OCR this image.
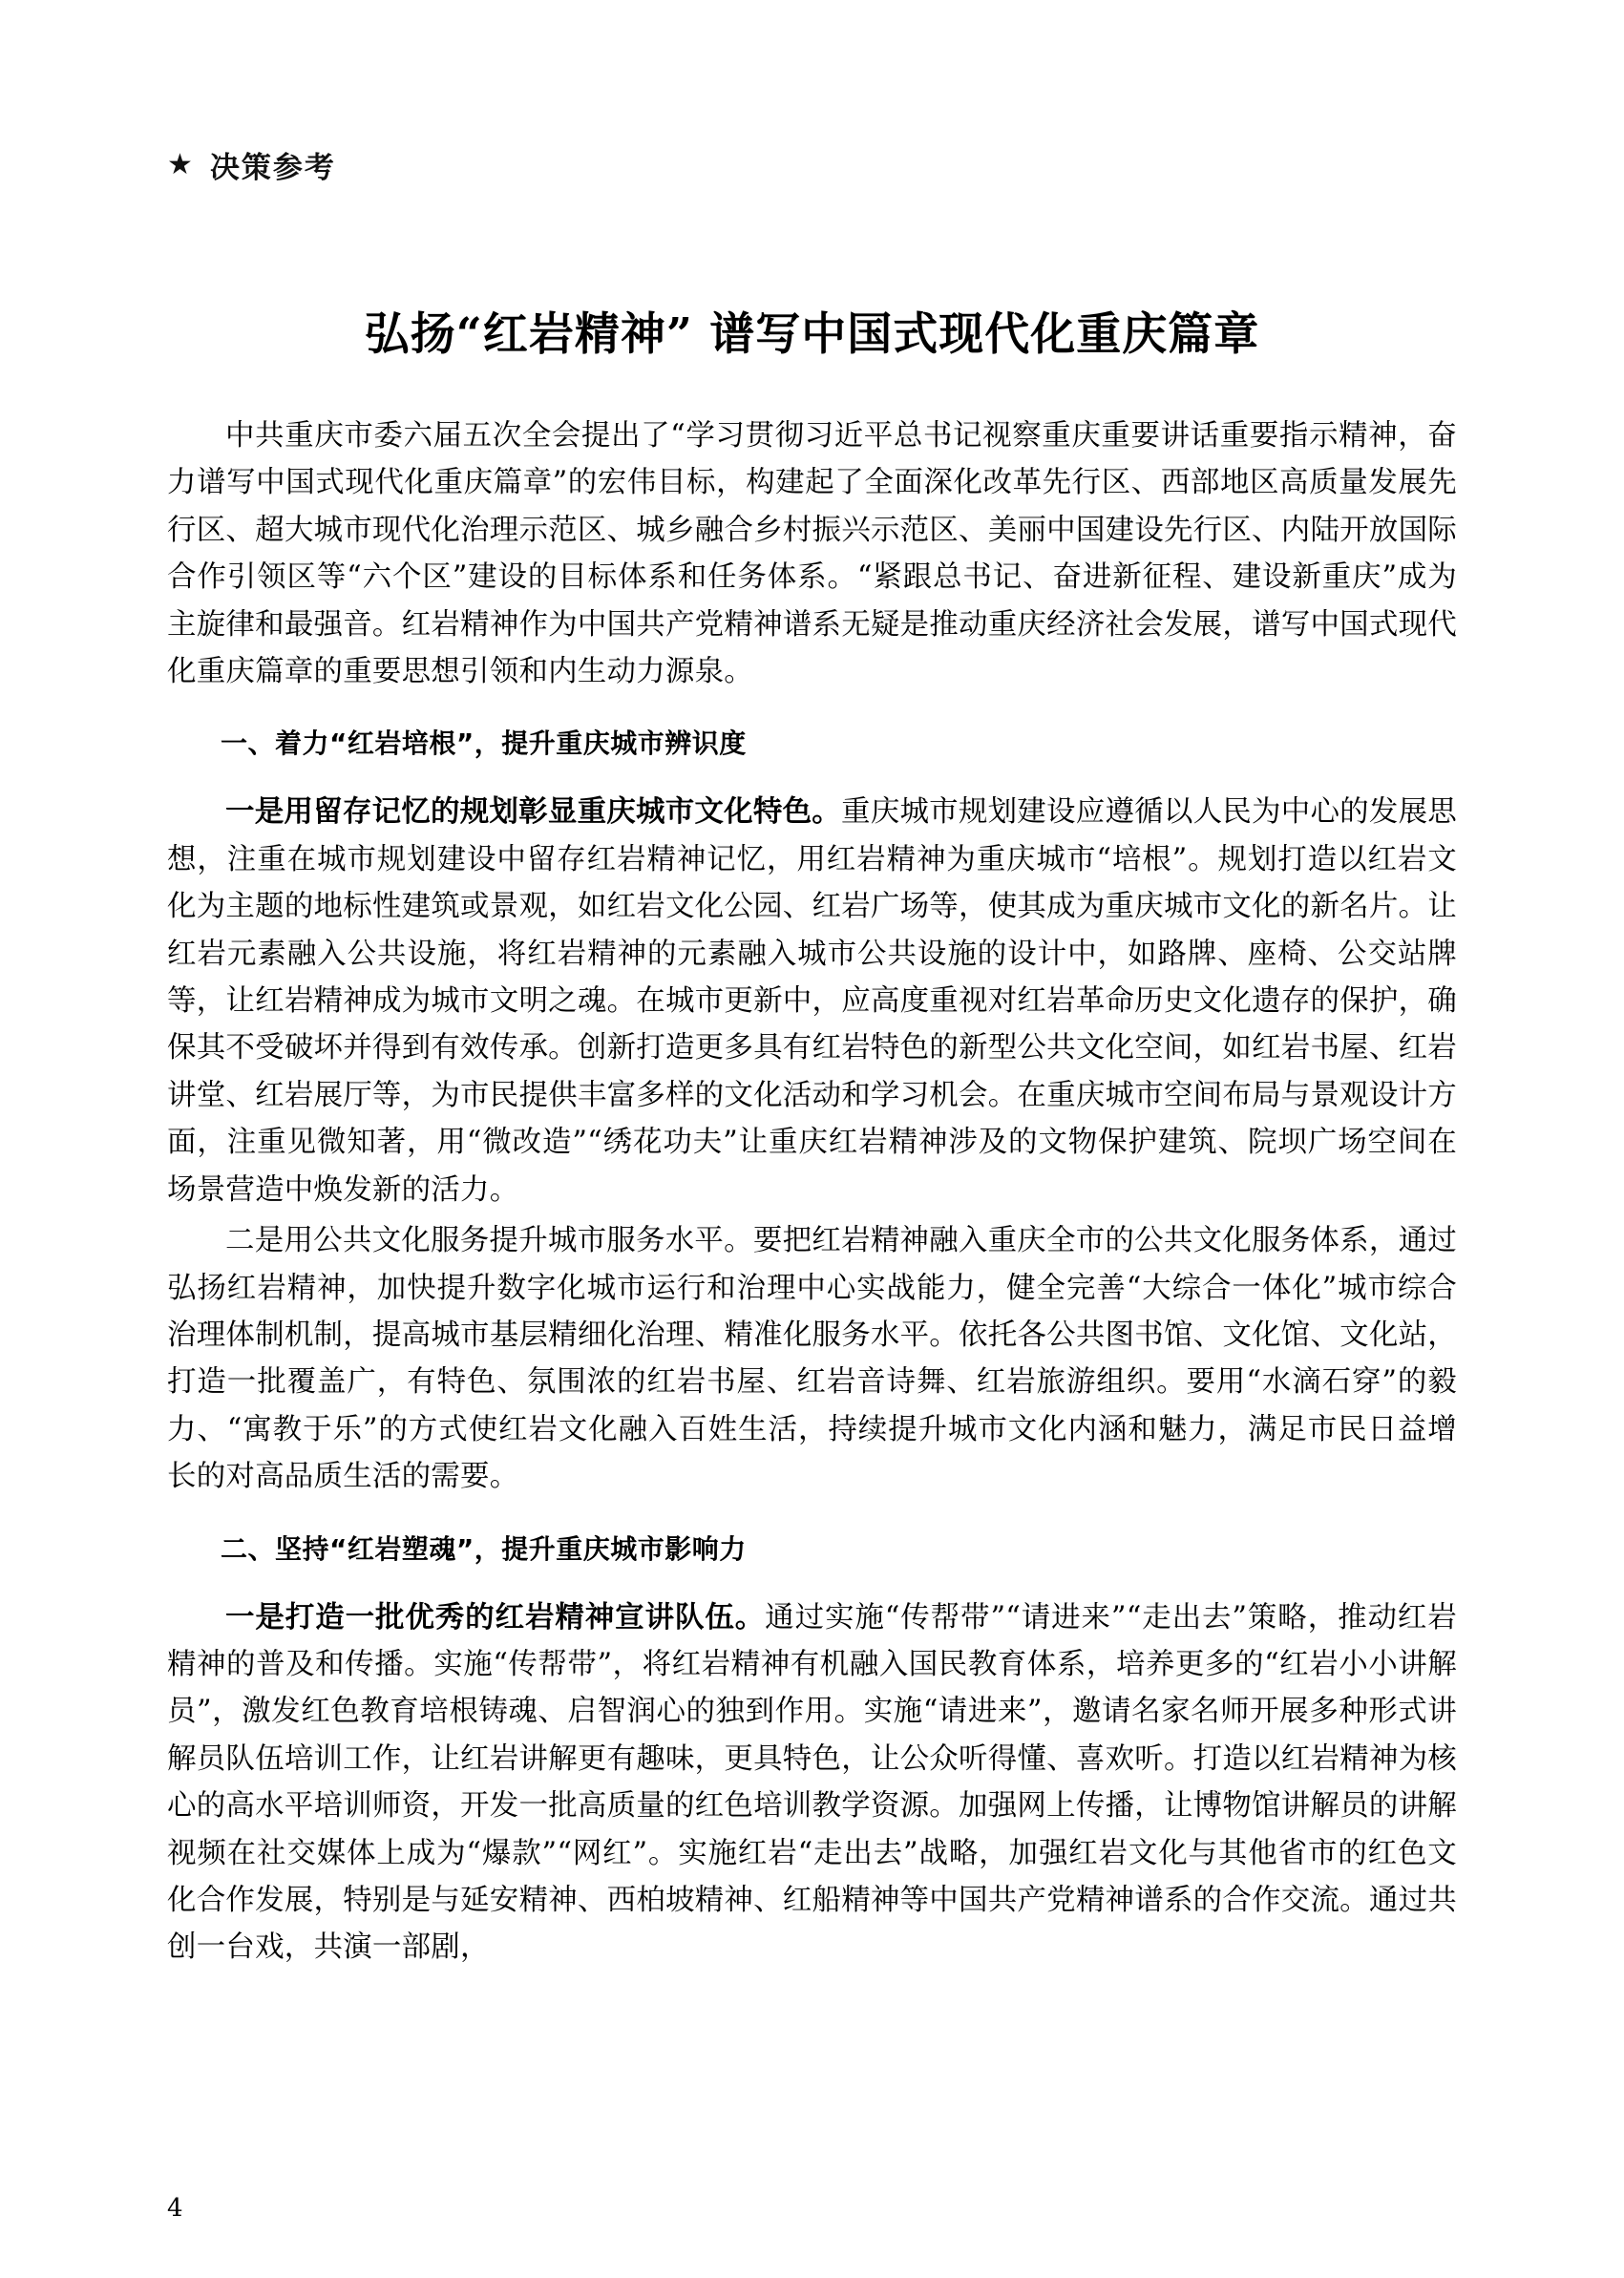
★ 决策参考
弘扬“红岩精神” 谱写中国式现代化重庆篇章

中共重庆市委六届五次全会提出了“学习贯彻习近平总书记视察重庆重要讲话重要指示精神，奋力谱写中国式现代化重庆篇章”的宏伟目标，构建起了全面深化改革先行区、西部地区高质量发展先行区、超大城市现代化治理示范区、城乡融合乡村振兴示范区、美丽中国建设先行区、内陆开放国际合作引领区等“六个区”建设的目标体系和任务体系。“紧跟总书记、奋进新征程、建设新重庆”成为主旋律和最强音。红岩精神作为中国共产党精神谱系无疑是推动重庆经济社会发展，谱写中国式现代化重庆篇章的重要思想引领和内生动力源泉。

一、着力“红岩培根”，提升重庆城市辨识度

一是用留存记忆的规划彰显重庆城市文化特色。重庆城市规划建设应遵循以人民为中心的发展思想，注重在城市规划建设中留存红岩精神记忆，用红岩精神为重庆城市“培根”。规划打造以红岩文化为主题的地标性建筑或景观，如红岩文化公园、红岩广场等，使其成为重庆城市文化的新名片。让红岩元素融入公共设施，将红岩精神的元素融入城市公共设施的设计中，如路牌、座椅、公交站牌等，让红岩精神成为城市文明之魂。在城市更新中，应高度重视对红岩革命历史文化遗存的保护，确保其不受破坏并得到有效传承。创新打造更多具有红岩特色的新型公共文化空间，如红岩书屋、红岩讲堂、红岩展厅等，为市民提供丰富多样的文化活动和学习机会。在重庆城市空间布局与景观设计方面，注重见微知著，用“微改造”“绣花功夫”让重庆红岩精神涉及的文物保护建筑、院坝广场空间在场景营造中焕发新的活力。

二是用公共文化服务提升城市服务水平。要把红岩精神融入重庆全市的公共文化服务体系，通过弘扬红岩精神，加快提升数字化城市运行和治理中心实战能力，健全完善“大综合一体化”城市综合治理体制机制，提高城市基层精细化治理、精准化服务水平。依托各公共图书馆、文化馆、文化站，打造一批覆盖广，有特色、氛围浓的红岩书屋、红岩音诗舞、红岩旅游组织。要用“水滴石穿”的毅力、“寓教于乐”的方式使红岩文化融入百姓生活，持续提升城市文化内涵和魅力，满足市民日益增长的对高品质生活的需要。

二、坚持“红岩塑魂”，提升重庆城市影响力

一是打造一批优秀的红岩精神宣讲队伍。通过实施“传帮带”“请进来”“走出去”策略，推动红岩精神的普及和传播。实施“传帮带”，将红岩精神有机融入国民教育体系，培养更多的“红岩小小讲解员”，激发红色教育培根铸魂、启智润心的独到作用。实施“请进来”，邀请名家名师开展多种形式讲解员队伍培训工作，让红岩讲解更有趣味，更具特色，让公众听得懂、喜欢听。打造以红岩精神为核心的高水平培训师资，开发一批高质量的红色培训教学资源。加强网上传播，让博物馆讲解员的讲解视频在社交媒体上成为“爆款”“网红”。实施红岩“走出去”战略，加强红岩文化与其他省市的红色文化合作发展，特别是与延安精神、西柏坡精神、红船精神等中国共产党精神谱系的合作交流。通过共创一台戏，共演一部剧，

4
